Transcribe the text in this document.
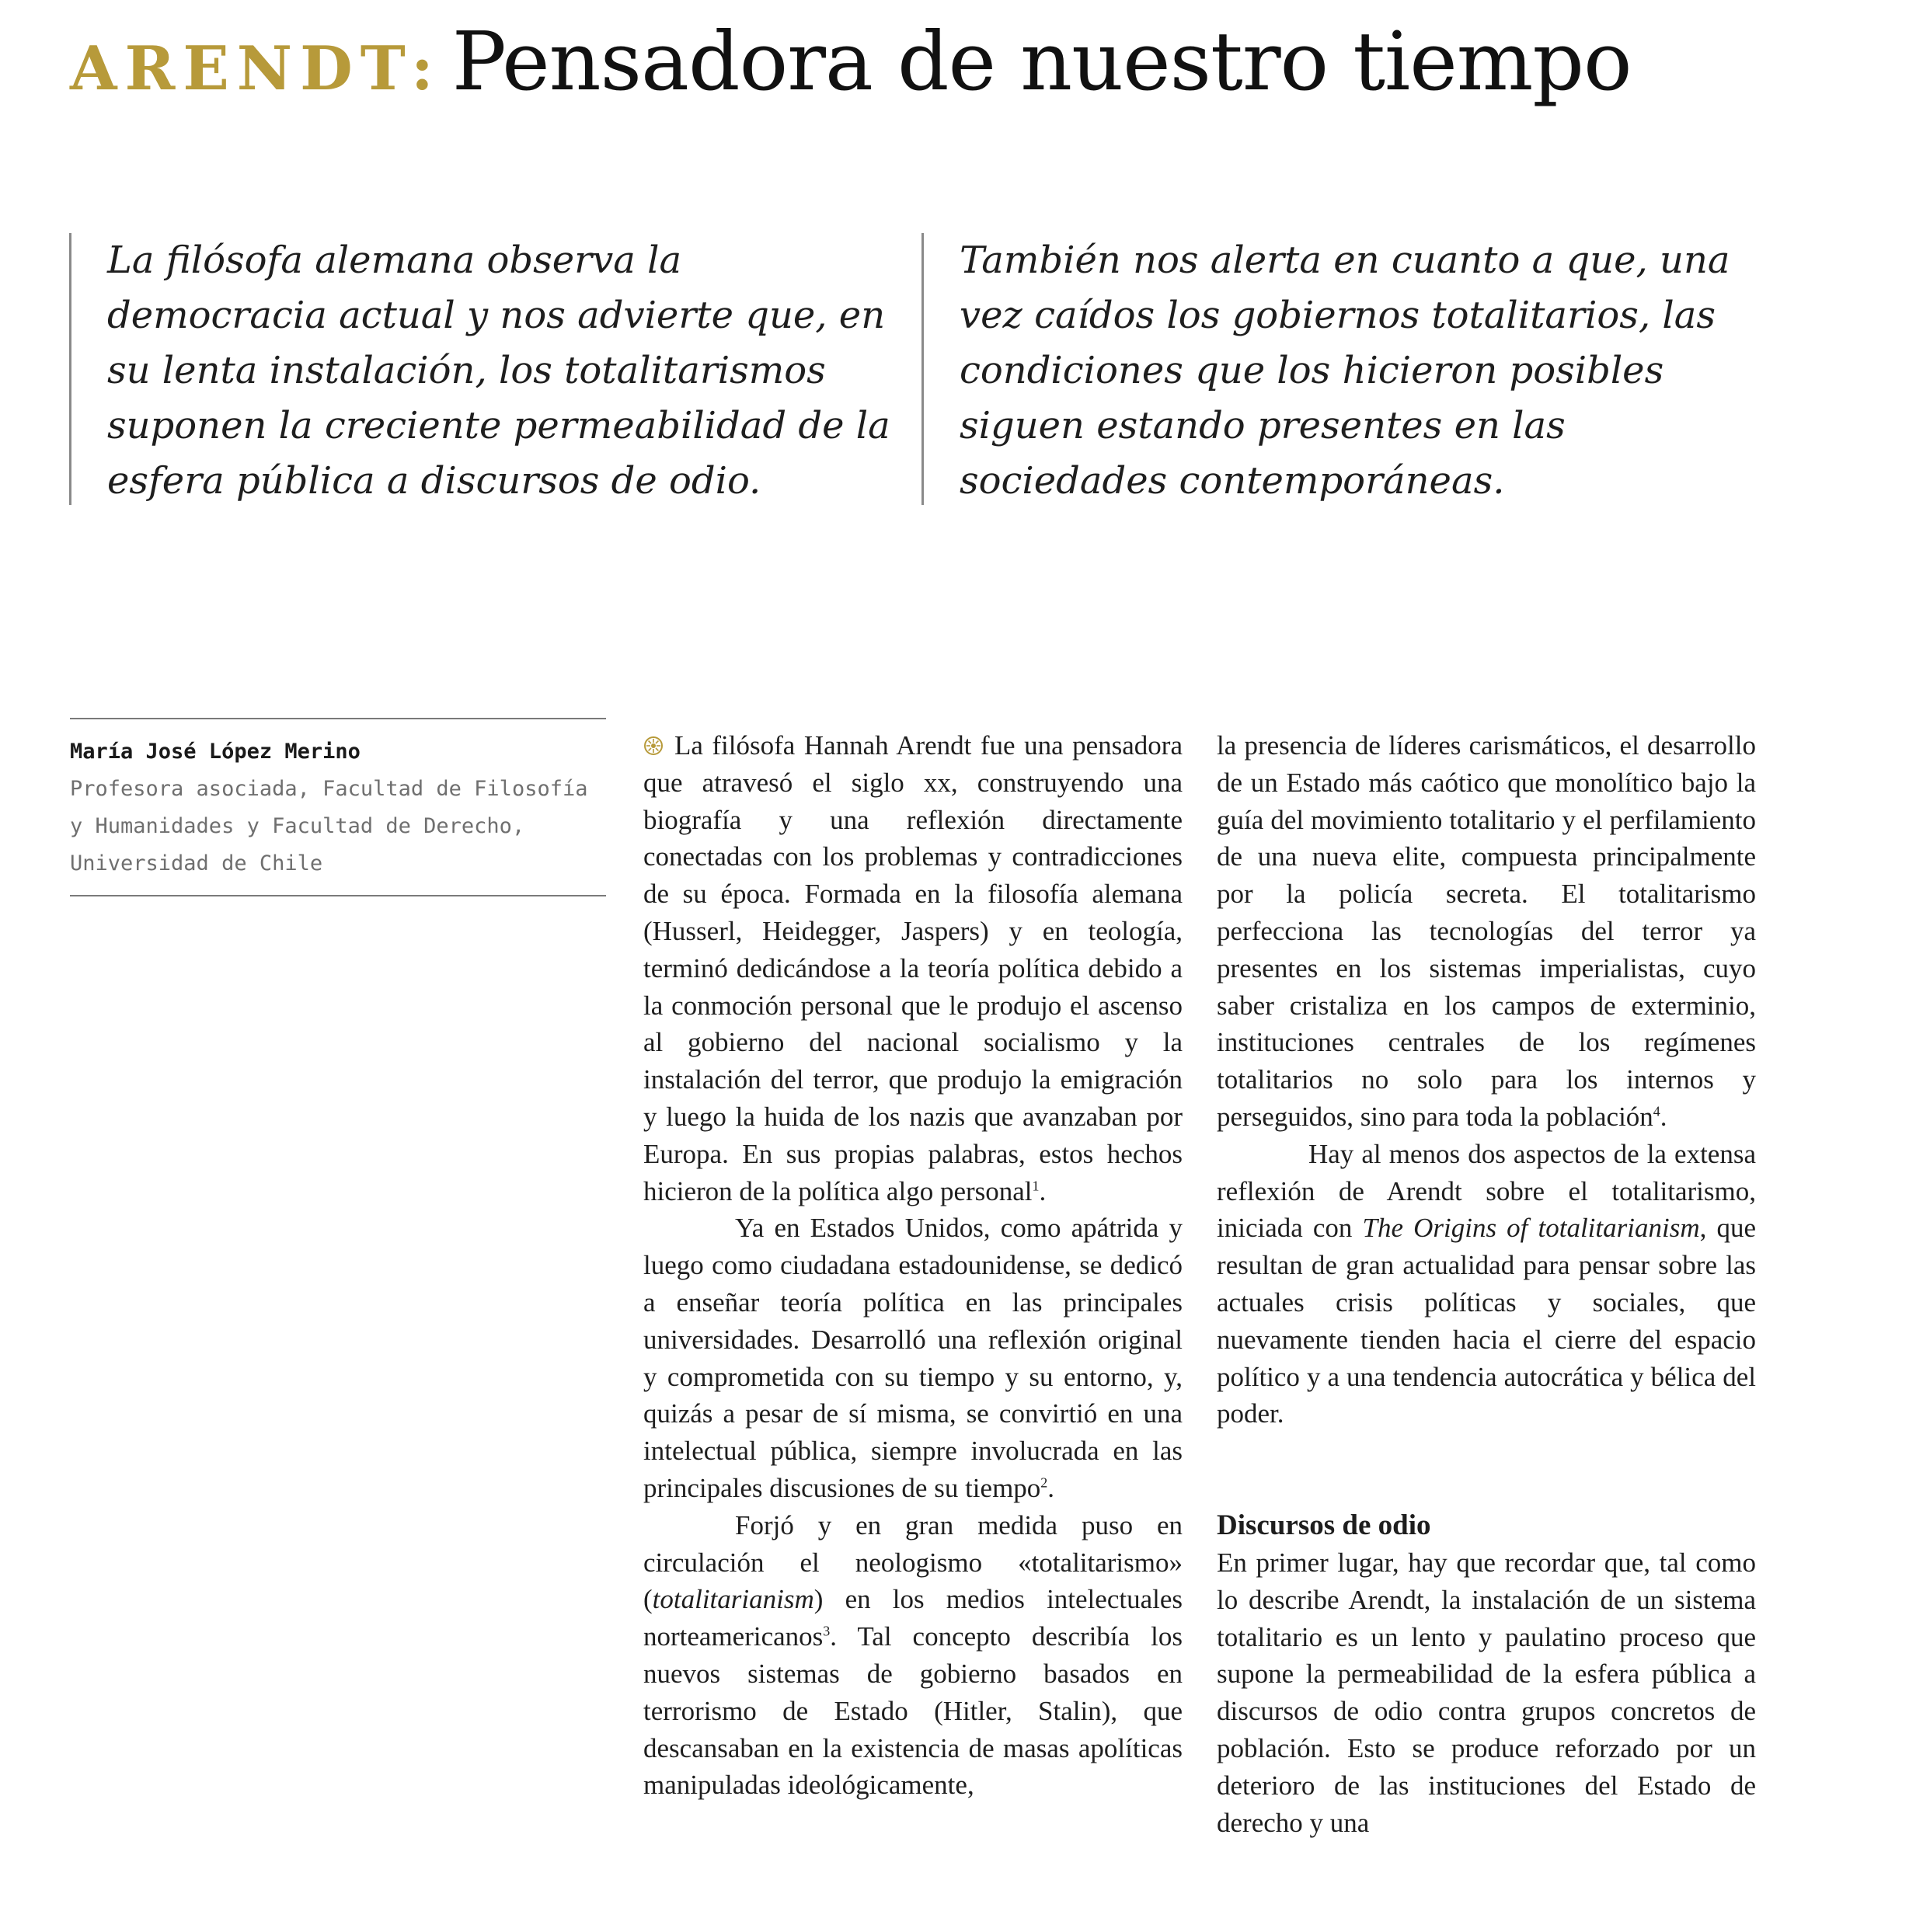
ARENDT: Pensadora de nuestro tiempo
La filósofa alemana observa la democracia actual y nos advierte que, en su lenta instalación, los totalitarismos suponen la creciente permeabilidad de la esfera pública a discursos de odio.
También nos alerta en cuanto a que, una vez caídos los gobiernos totalitarios, las condiciones que los hicieron posibles siguen estando presentes en las sociedades contemporáneas.
María José López Merino
Profesora asociada, Facultad de Filosofía y Humanidades y Facultad de Derecho, Universidad de Chile

La filósofa Hannah Arendt fue una pensadora que atravesó el siglo xx, construyendo una biografía y una reflexión directamente conectadas con los problemas y contradicciones de su época. Formada en la filosofía alemana (Husserl, Heidegger, Jaspers) y en teología, terminó dedicándose a la teoría política debido a la conmoción personal que le produjo el ascenso al gobierno del nacional socialismo y la instalación del terror, que produjo la emigración y luego la huida de los nazis que avanzaban por Europa. En sus propias palabras, estos hechos hicieron de la política algo personal$^1$.

Ya en Estados Unidos, como apátrida y luego como ciudadana estadounidense, se dedicó a enseñar teoría política en las principales universidades. Desarrolló una reflexión original y comprometida con su tiempo y su entorno, y, quizás a pesar de sí misma, se convirtió en una intelectual pública, siempre involucrada en las principales discusiones de su tiempo$^2$.

Forjó y en gran medida puso en circulación el neologismo «totalitarismo» (totalitarianism) en los medios intelectuales norteamericanos$^3$. Tal concepto describía los nuevos sistemas de gobierno basados en terrorismo de Estado (Hitler, Stalin), que descansaban en la existencia de masas apolíticas manipuladas ideológicamente,

la presencia de líderes carismáticos, el desarrollo de un Estado más caótico que monolítico bajo la guía del movimiento totalitario y el perfilamiento de una nueva elite, compuesta principalmente por la policía secreta. El totalitarismo perfecciona las tecnologías del terror ya presentes en los sistemas imperialistas, cuyo saber cristaliza en los campos de exterminio, instituciones centrales de los regímenes totalitarios no solo para los internos y perseguidos, sino para toda la población$^4$.

Hay al menos dos aspectos de la extensa reflexión de Arendt sobre el totalitarismo, iniciada con The Origins of totalitarianism, que resultan de gran actualidad para pensar sobre las actuales crisis políticas y sociales, que nuevamente tienden hacia el cierre del espacio político y a una tendencia autocrática y bélica del poder.

Discursos de odio

En primer lugar, hay que recordar que, tal como lo describe Arendt, la instalación de un sistema totalitario es un lento y paulatino proceso que supone la permeabilidad de la esfera pública a discursos de odio contra grupos concretos de población. Esto se produce reforzado por un deterioro de las instituciones del Estado de derecho y una
